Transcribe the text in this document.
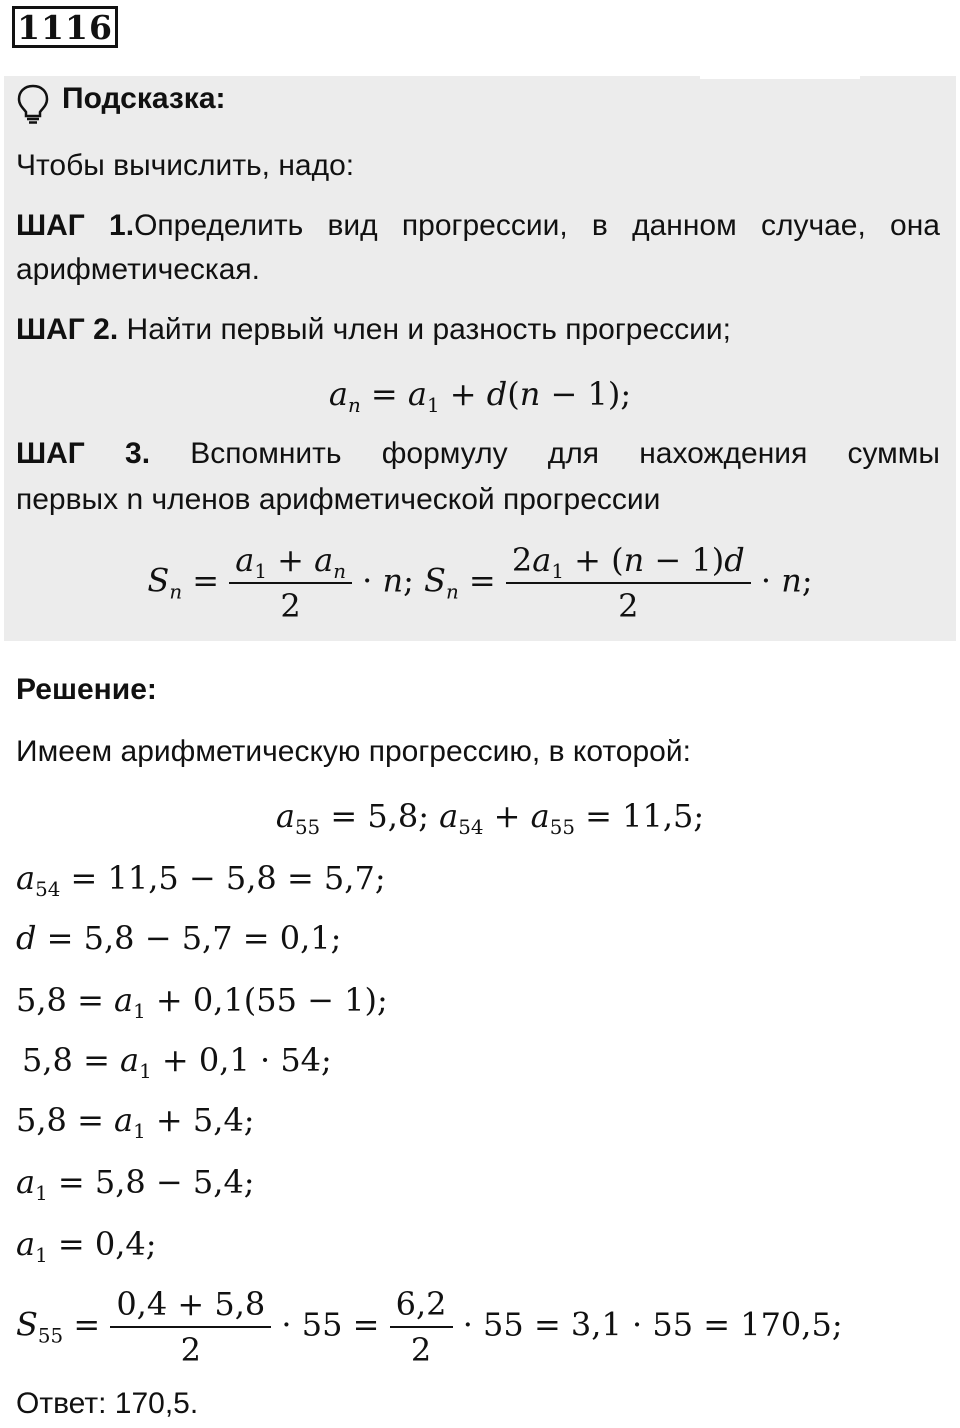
1116
Подсказка:
Чтобы вычислить, надо:
ШАГ 1.Определить вид прогрессии, в данном случае, она
арифметическая.
ШАГ 2. Найти первый член и разность прогрессии;
$a_n = a_1 + d(n - 1)$;
ШАГ 3. Вспомнить формулу для нахождения суммы
первых n членов арифметической прогрессии
$S_n = \frac{a_1 + a_n}{2} \cdot n$; $S_n = \frac{2a_1 + (n - 1)d}{2} \cdot n$;
Решение:
Имеем арифметическую прогрессию, в которой:
$a_{55} = 5,8$; $a_{54} + a_{55} = 11,5$;
$a_{54} = 11,5 - 5,8 = 5,7$;
d = 5,8 − 5,7 = 0,1;
$5,8 = a_1 + 0,1(55 - 1)$;
$5,8 = a_1 + 0,1 \cdot 54$;
$5,8 = a_1 + 5,4$;
$a_1 = 5,8 - 5,4$;
$a_1 = 0,4$;
$S_{55} = \frac{0,4 + 5,8}{2} \cdot 55 = \frac{6,2}{2} \cdot 55 = 3,1 \cdot 55 = 170,5$;
Ответ: 170,5.
